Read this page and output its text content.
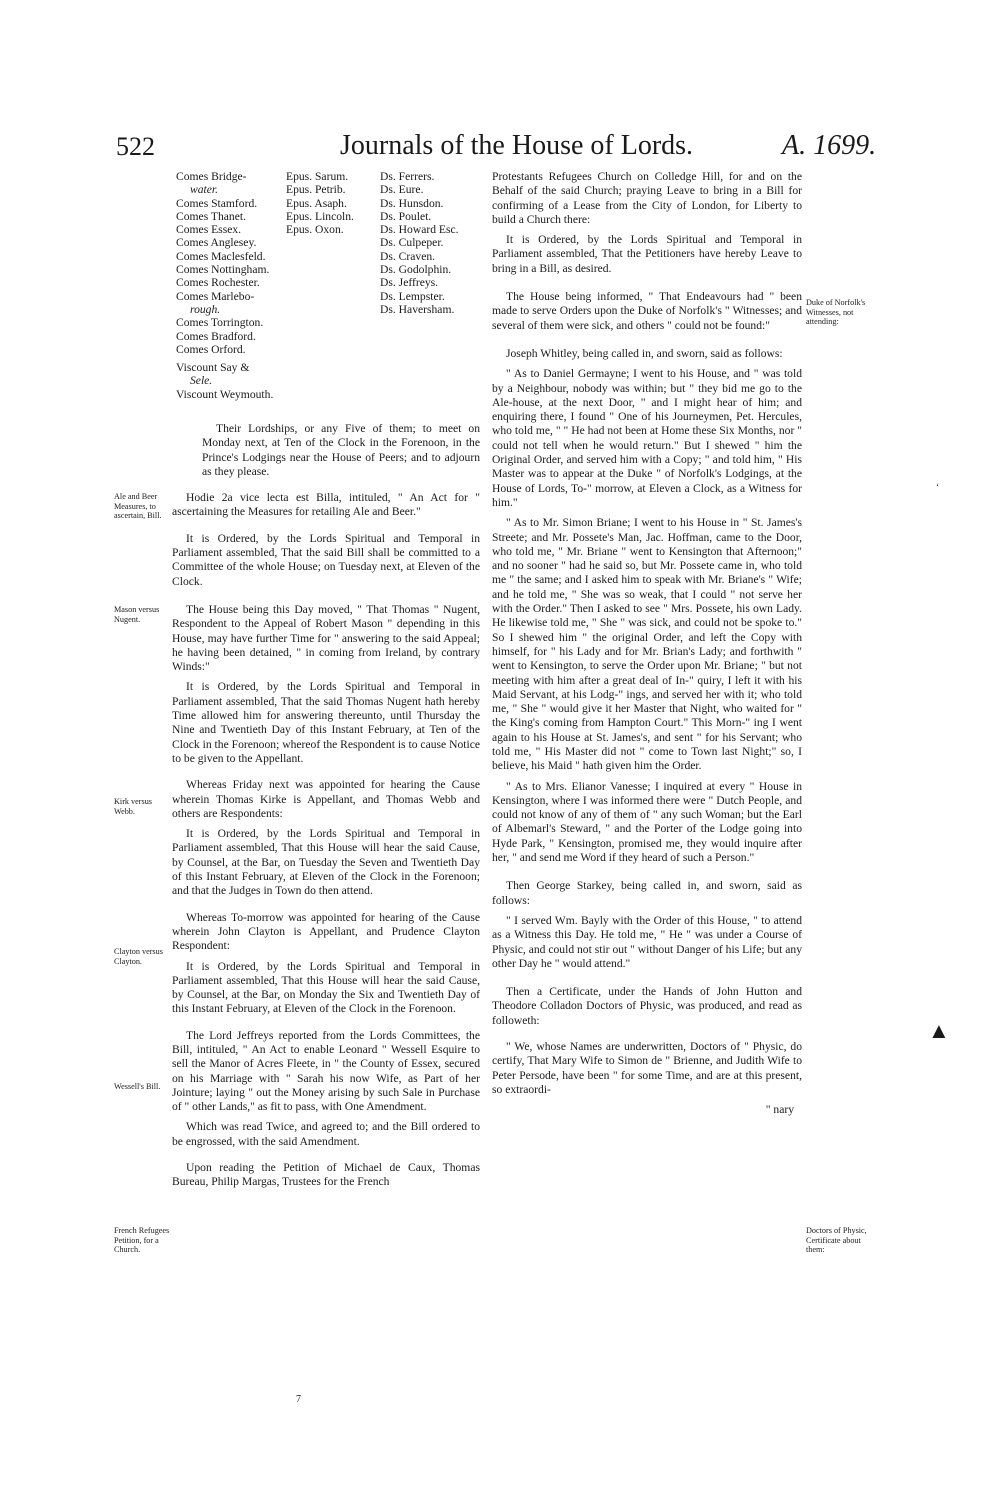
522	Journals of the House of Lords.	A. 1699.
Comes Bridge-
water.
Comes Stamford.
Comes Thanet.
Comes Essex.
Comes Anglesey.
Comes Maclesfeld.
Comes Nottingham.
Comes Rochester.
Comes Marlebo-
rough.
Comes Torrington.
Comes Bradford.
Comes Orford.
Viscount Say &
Sele.
Viscount Weymouth.
Epus. Sarum.
Epus. Petrib.
Epus. Asaph.
Epus. Lincoln.
Epus. Oxon.
Ds. Ferrers.
Ds. Eure.
Ds. Hunsdon.
Ds. Poulet.
Ds. Howard Esc.
Ds. Culpeper.
Ds. Craven.
Ds. Godolphin.
Ds. Jeffreys.
Ds. Lempster.
Ds. Haversham.

Their Lordships, or any Five of them; to meet on Monday next, at Ten of the Clock in the Forenoon, in the Prince's Lodgings near the House of Peers; and to adjourn as they please.

Hodie 2a vice lecta est Billa, intituled, " An Act for " ascertaining the Measures for retailing Ale and Beer."

It is Ordered, by the Lords Spiritual and Temporal in Parliament assembled, That the said Bill shall be committed to a Committee of the whole House; on Tuesday next, at Eleven of the Clock.

The House being this Day moved, " That Thomas " Nugent, Respondent to the Appeal of Robert Mason " depending in this House, may have further Time for " answering to the said Appeal; he having been detained, " in coming from Ireland, by contrary Winds:"

It is Ordered, by the Lords Spiritual and Temporal in Parliament assembled, That the said Thomas Nugent hath hereby Time allowed him for answering thereunto, until Thursday the Nine and Twentieth Day of this Instant February, at Ten of the Clock in the Forenoon; whereof the Respondent is to cause Notice to be given to the Appellant.

Whereas Friday next was appointed for hearing the Cause wherein Thomas Kirke is Appellant, and Thomas Webb and others are Respondents:

It is Ordered, by the Lords Spiritual and Temporal in Parliament assembled, That this House will hear the said Cause, by Counsel, at the Bar, on Tuesday the Seven and Twentieth Day of this Instant February, at Eleven of the Clock in the Forenoon; and that the Judges in Town do then attend.

Whereas To-morrow was appointed for hearing of the Cause wherein John Clayton is Appellant, and Prudence Clayton Respondent:

It is Ordered, by the Lords Spiritual and Temporal in Parliament assembled, That this House will hear the said Cause, by Counsel, at the Bar, on Monday the Six and Twentieth Day of this Instant February, at Eleven of the Clock in the Forenoon.

The Lord Jeffreys reported from the Lords Committees, the Bill, intituled, " An Act to enable Leonard " Wessell Esquire to sell the Manor of Acres Fleete, in " the County of Essex, secured on his Marriage with " Sarah his now Wife, as Part of her Jointure; laying " out the Money arising by such Sale in Purchase of " other Lands," as fit to pass, with One Amendment.

Which was read Twice, and agreed to; and the Bill ordered to be engrossed, with the said Amendment.

Upon reading the Petition of Michael de Caux, Thomas Bureau, Philip Margas, Trustees for the French

Ale and Beer Measures, to ascertain, Bill.
Mason versus Nugent.
Kirk versus Webb.
Clayton versus Clayton.
Wessell's Bill.
French Refugees Petition, for a Church.

Protestants Refugees Church on Colledge Hill, for and on the Behalf of the said Church; praying Leave to bring in a Bill for confirming of a Lease from the City of London, for Liberty to build a Church there:

It is Ordered, by the Lords Spiritual and Temporal in Parliament assembled, That the Petitioners have hereby Leave to bring in a Bill, as desired.

The House being informed, " That Endeavours had " been made to serve Orders upon the Duke of Norfolk's " Witnesses; and several of them were sick, and others " could not be found:"

Joseph Whitley, being called in, and sworn, said as follows:

" As to Daniel Germayne; I went to his House, and " was told by a Neighbour, nobody was within; but " they bid me go to the Ale-house, at the next Door, " and I might hear of him; and enquiring there, I found " One of his Journeymen, Pet. Hercules, who told me, " " He had not been at Home these Six Months, nor " could not tell when he would return." But I shewed " him the Original Order, and served him with a Copy; " and told him, " His Master was to appear at the Duke " of Norfolk's Lodgings, at the House of Lords, To-" morrow, at Eleven a Clock, as a Witness for him."

" As to Mr. Simon Briane; I went to his House in " St. James's Streete; and Mr. Possete's Man, Jac. Hoffman, came to the Door, who told me, " Mr. Briane " went to Kensington that Afternoon;" and no sooner " had he said so, but Mr. Possete came in, who told me " the same; and I asked him to speak with Mr. Briane's " Wife; and he told me, " She was so weak, that I could " not serve her with the Order." Then I asked to see " Mrs. Possete, his own Lady. He likewise told me, " She " was sick, and could not be spoke to." So I shewed him " the original Order, and left the Copy with himself, for " his Lady and for Mr. Brian's Lady; and forthwith " went to Kensington, to serve the Order upon Mr. Briane; " but not meeting with him after a great deal of In-" quiry, I left it with his Maid Servant, at his Lodg-" ings, and served her with it; who told me, " She " would give it her Master that Night, who waited for " the King's coming from Hampton Court." This Morn-" ing I went again to his House at St. James's, and sent " for his Servant; who told me, " His Master did not " come to Town last Night;" so, I believe, his Maid " hath given him the Order.

" As to Mrs. Elianor Vanesse; I inquired at every " House in Kensington, where I was informed there were " Dutch People, and could not know of any of them of " any such Woman; but the Earl of Albemarl's Steward, " and the Porter of the Lodge going into Hyde Park, " Kensington, promised me, they would inquire after her, " and send me Word if they heard of such a Person."

Then George Starkey, being called in, and sworn, said as follows:

" I served Wm. Bayly with the Order of this House, " to attend as a Witness this Day. He told me, " He " was under a Course of Physic, and could not stir out " without Danger of his Life; but any other Day he " would attend."

Then a Certificate, under the Hands of John Hutton and Theodore Colladon Doctors of Physic, was produced, and read as followeth:

" We, whose Names are underwritten, Doctors of " Physic, do certify, That Mary Wife to Simon de " Brienne, and Judith Wife to Peter Persode, have been " for some Time, and are at this present, so extraordi-

" nary
Duke of Norfolk's Witnesses, not attending:
Doctors of Physic, Certificate about them:
‘
▲
7
